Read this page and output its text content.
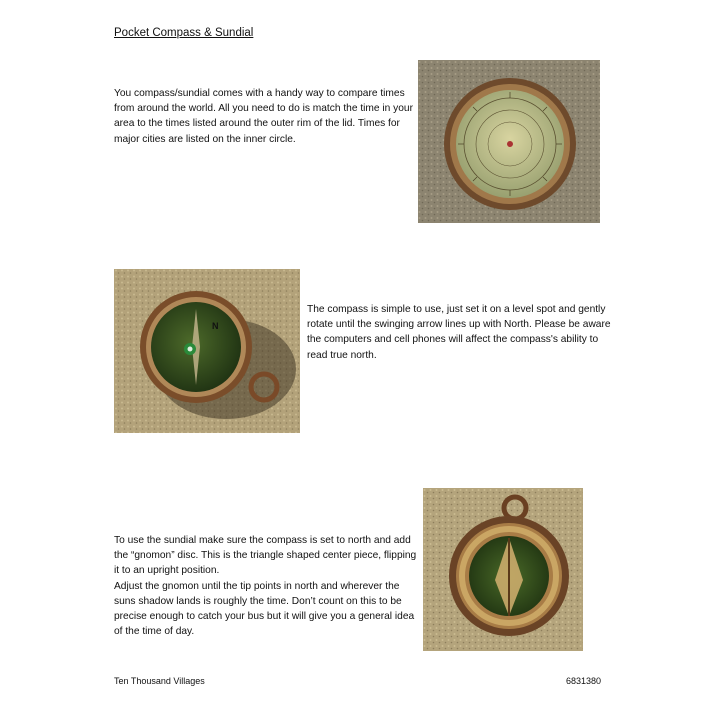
Pocket Compass & Sundial

You compass/sundial comes with a handy way to compare times from around the world. All you need to do is match the time in your area to the times listed around the outer rim of the lid. Times for major cities are listed on the inner circle.

N

The compass is simple to use, just set it on a level spot and gently rotate until the swinging arrow lines up with North. Please be aware the computers and cell phones will affect the compass's ability to read true north.

To use the sundial make sure the compass is set to north and add the “gnomon” disc. This is the triangle shaped center piece, flipping it to an upright position.
Adjust the gnomon until the tip points in north and wherever the suns shadow lands is roughly the time. Don’t count on this to be precise enough to catch your bus but it will give you a general idea of the time of day.

Ten Thousand Villages	6831380
